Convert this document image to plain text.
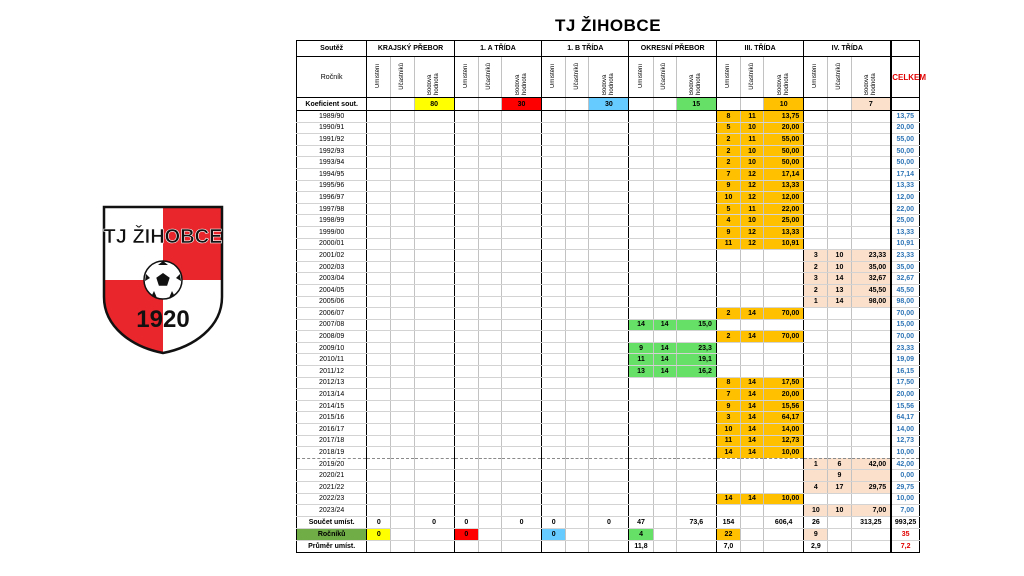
TJ ŽIHOBCE
1920
TJ ŽIHOBCE
Soutěž	KRAJSKÝ PŘEBOR			1. A TŘÍDA			1. B TŘÍDA			OKRESNÍ PŘEBOR			III. TŘÍDA			IV. TŘÍDA			
Ročník	Umístění	Účastníků	Bodová hodnota	Umístění	Účastníků	Bodová hodnota	Umístění	Účastníků	Bodová hodnota	Umístění	Účastníků	Bodová hodnota	Umístění	Účastníků	Bodová hodnota	Umístění	Účastníků	Bodová hodnota	CELKEM
Koeficient sout.			80			30			30			15			10			7	
1989/90													8	11	13,75				13,75
1990/91													5	10	20,00				20,00
1991/92													2	11	55,00				55,00
1992/93													2	10	50,00				50,00
1993/94													2	10	50,00				50,00
1994/95													7	12	17,14				17,14
1995/96													9	12	13,33				13,33
1996/97													10	12	12,00				12,00
1997/98													5	11	22,00				22,00
1998/99													4	10	25,00				25,00
1999/00													9	12	13,33				13,33
2000/01													11	12	10,91				10,91
2001/02																3	10	23,33	23,33
2002/03																2	10	35,00	35,00
2003/04																3	14	32,67	32,67
2004/05																2	13	45,50	45,50
2005/06																1	14	98,00	98,00
2006/07													2	14	70,00				70,00
2007/08										14	14	15,0							15,00
2008/09													2	14	70,00				70,00
2009/10										9	14	23,3							23,33
2010/11										11	14	19,1							19,09
2011/12										13	14	16,2							16,15
2012/13													8	14	17,50				17,50
2013/14													7	14	20,00				20,00
2014/15													9	14	15,56				15,56
2015/16													3	14	64,17				64,17
2016/17													10	14	14,00				14,00
2017/18													11	14	12,73				12,73
2018/19													14	14	10,00				10,00
2019/20																1	6	42,00	42,00
2020/21																	9		0,00
2021/22																4	17	29,75	29,75
2022/23													14	14	10,00				10,00
2023/24																10	10	7,00	7,00
Součet umíst.	0		0	0		0	0		0	47		73,6	154		606,4	26		313,25	993,25
Ročníků	0			0			0			4			22			9			35
Průměr umíst.										11,8			7,0			2,9			7,2
